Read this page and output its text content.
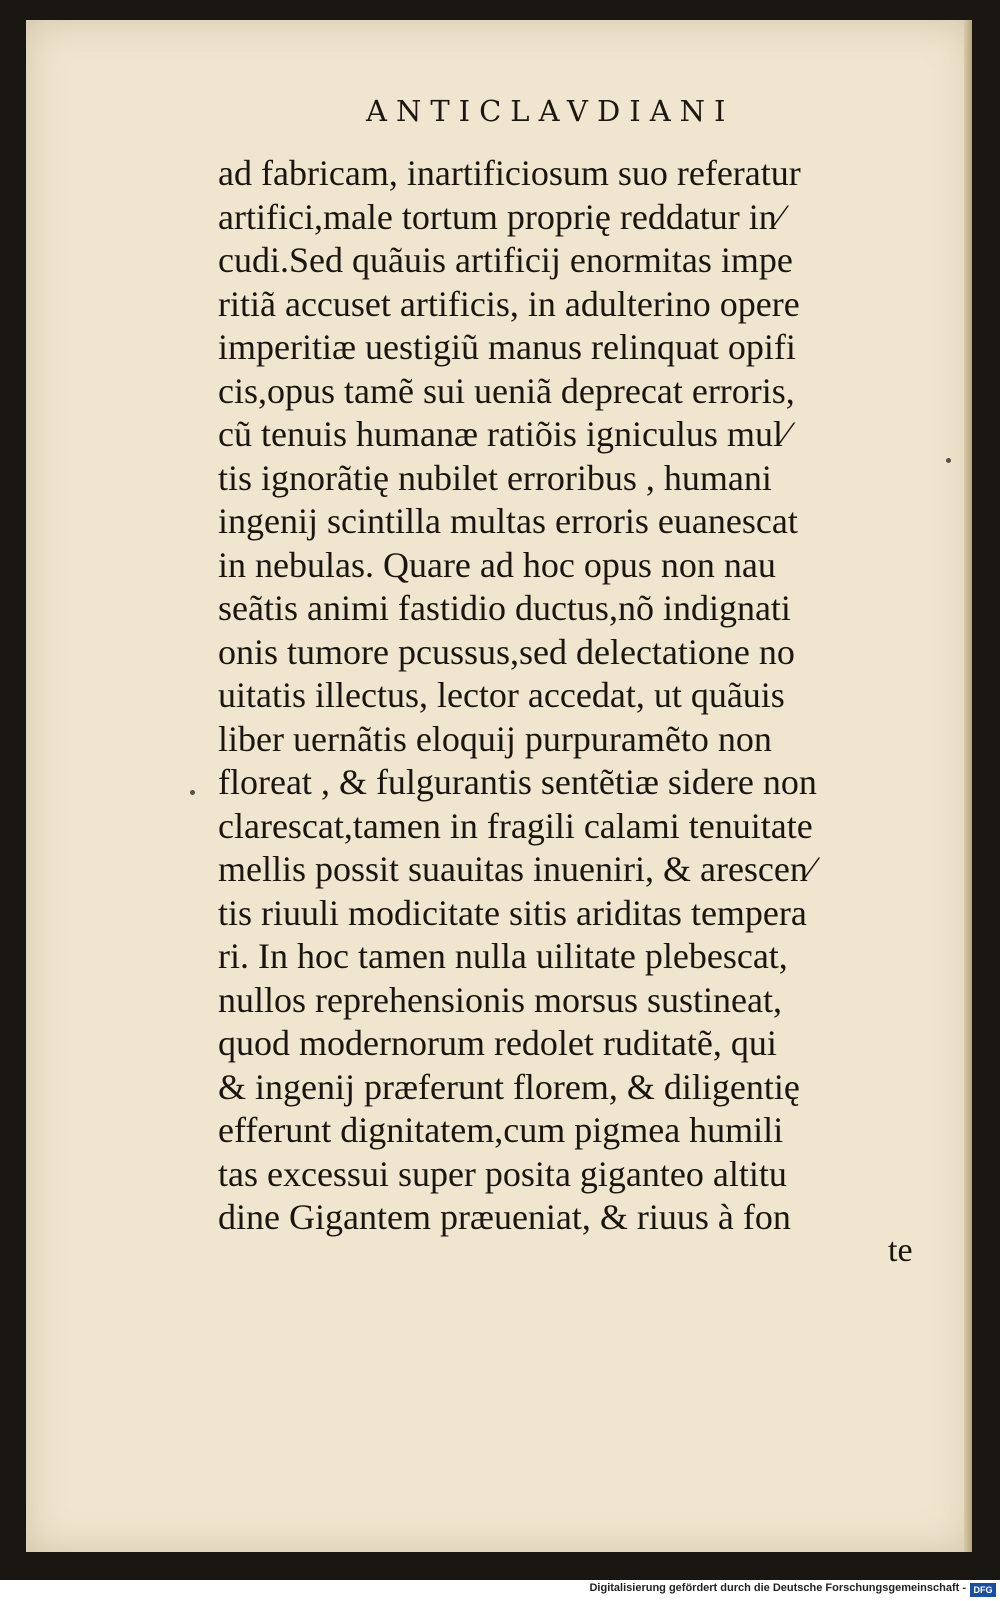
ANTICLAVDIANI
ad fabricam, inartificiosum suo referatur
artifici,male tortum proprię reddatur in⁄
cudi.Sed quãuis artificij enormitas impe
ritiã accuset artificis, in adulterino opere
imperitiæ uestigiũ manus relinquat opifi
cis,opus tamẽ sui ueniã deprecat erroris,
cũ tenuis humanæ ratiõis igniculus mul⁄
tis ignorãtię nubilet erroribus , humani
ingenij scintilla multas erroris euanescat
in nebulas. Quare ad hoc opus non nau
seãtis animi fastidio ductus,nõ indignati
onis tumore pcussus,sed delectatione no
uitatis illectus, lector accedat, ut quãuis
liber uernãtis eloquij purpuramẽto non
floreat , & fulgurantis sentẽtiæ sidere non
clarescat,tamen in fragili calami tenuitate
mellis possit suauitas inueniri, & arescen⁄
tis riuuli modicitate sitis ariditas tempera
ri. In hoc tamen nulla uilitate plebescat,
nullos reprehensionis morsus sustineat,
quod modernorum redolet ruditatẽ, qui
& ingenij præferunt florem, & diligentię
efferunt dignitatem,cum pigmea humili
tas excessui super posita giganteo altitu
dine Gigantem præueniat, & riuus à fon
te
Digitalisierung gefördert durch die Deutsche Forschungsgemeinschaft - DFG
